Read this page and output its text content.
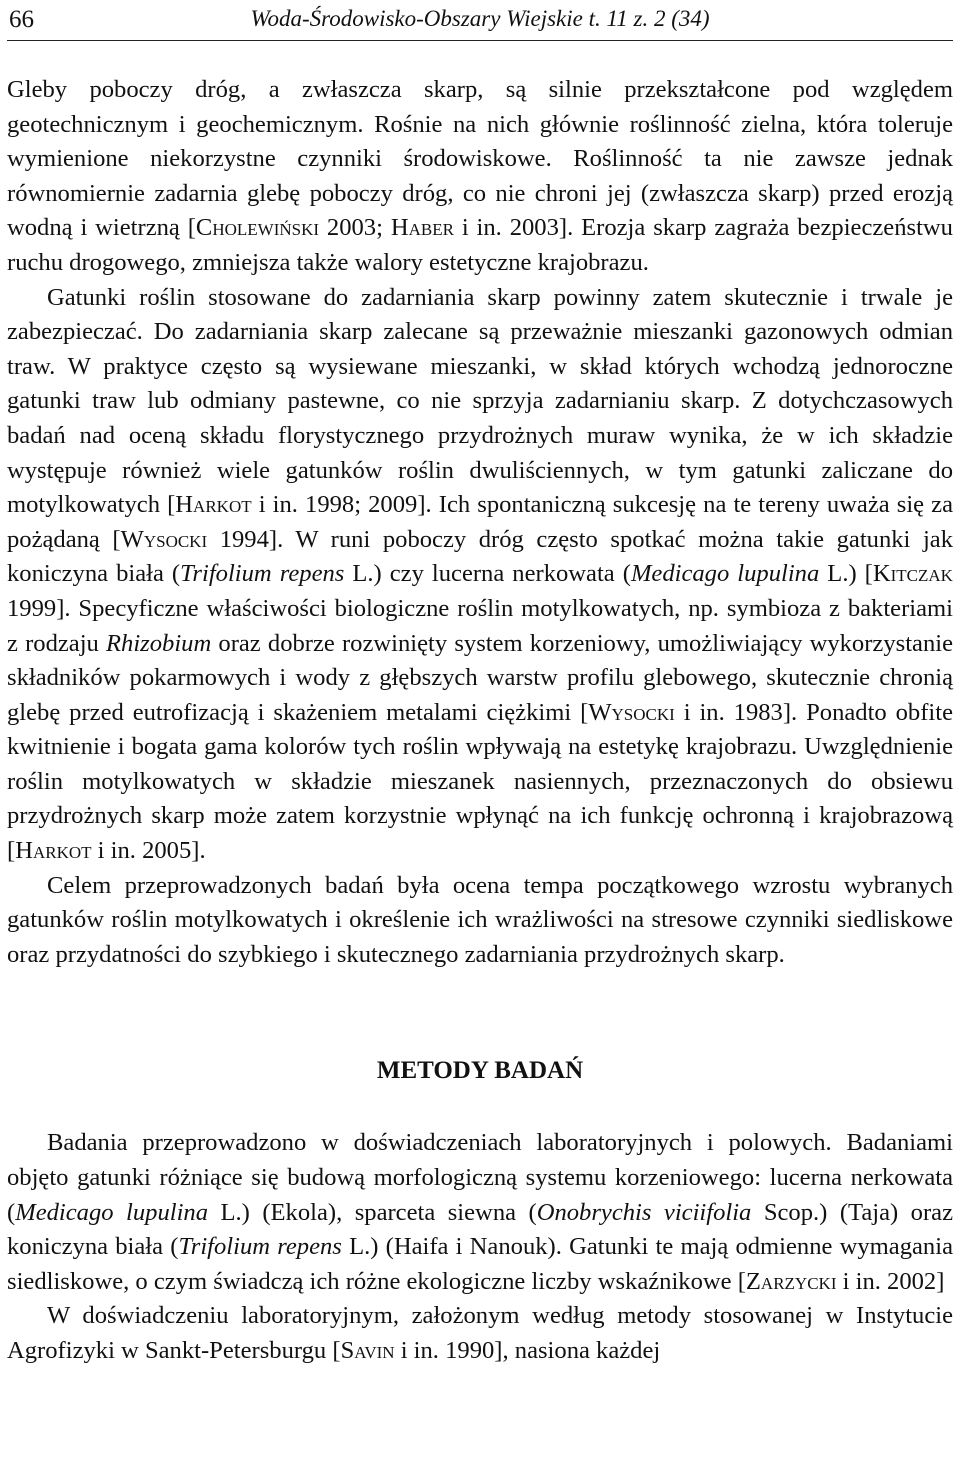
66	Woda-Środowisko-Obszary Wiejskie t. 11 z. 2 (34)

Gleby poboczy dróg, a zwłaszcza skarp, są silnie przekształcone pod względem geotechnicznym i geochemicznym. Rośnie na nich głównie roślinność zielna, która toleruje wymienione niekorzystne czynniki środowiskowe. Roślinność ta nie zawsze jednak równomiernie zadarnia glebę poboczy dróg, co nie chroni jej (zwłaszcza skarp) przed erozją wodną i wietrzną [Cholewiński 2003; Haber i in. 2003]. Erozja skarp zagraża bezpieczeństwu ruchu drogowego, zmniejsza także walory estetyczne krajobrazu.

Gatunki roślin stosowane do zadarniania skarp powinny zatem skutecznie i trwale je zabezpieczać. Do zadarniania skarp zalecane są przeważnie mieszanki gazonowych odmian traw. W praktyce często są wysiewane mieszanki, w skład których wchodzą jednoroczne gatunki traw lub odmiany pastewne, co nie sprzyja zadarnianiu skarp. Z dotychczasowych badań nad oceną składu florystycznego przydrożnych muraw wynika, że w ich składzie występuje również wiele gatunków roślin dwuliściennych, w tym gatunki zaliczane do motylkowatych [Harkot i in. 1998; 2009]. Ich spontaniczną sukcesję na te tereny uważa się za pożądaną [Wysocki 1994]. W runi poboczy dróg często spotkać można takie gatunki jak koniczyna biała (Trifolium repens L.) czy lucerna nerkowata (Medicago lupulina L.) [Kitczak 1999]. Specyficzne właściwości biologiczne roślin motylkowatych, np. symbioza z bakteriami z rodzaju Rhizobium oraz dobrze rozwinięty system korzeniowy, umożliwiający wykorzystanie składników pokarmowych i wody z głębszych warstw profilu glebowego, skutecznie chronią glebę przed eutrofizacją i skażeniem metalami ciężkimi [Wysocki i in. 1983]. Ponadto obfite kwitnienie i bogata gama kolorów tych roślin wpływają na estetykę krajobrazu. Uwzględnienie roślin motylkowatych w składzie mieszanek nasiennych, przeznaczonych do obsiewu przydrożnych skarp może zatem korzystnie wpłynąć na ich funkcję ochronną i krajobrazową [Harkot i in. 2005].

Celem przeprowadzonych badań była ocena tempa początkowego wzrostu wybranych gatunków roślin motylkowatych i określenie ich wrażliwości na stresowe czynniki siedliskowe oraz przydatności do szybkiego i skutecznego zadarniania przydrożnych skarp.

METODY BADAŃ

Badania przeprowadzono w doświadczeniach laboratoryjnych i polowych. Badaniami objęto gatunki różniące się budową morfologiczną systemu korzeniowego: lucerna nerkowata (Medicago lupulina L.) (Ekola), sparceta siewna (Onobrychis viciifolia Scop.) (Taja) oraz koniczyna biała (Trifolium repens L.) (Haifa i Nanouk). Gatunki te mają odmienne wymagania siedliskowe, o czym świadczą ich różne ekologiczne liczby wskaźnikowe [Zarzycki i in. 2002]

W doświadczeniu laboratoryjnym, założonym według metody stosowanej w Instytucie Agrofizyki w Sankt-Petersburgu [Savin i in. 1990], nasiona każdej
